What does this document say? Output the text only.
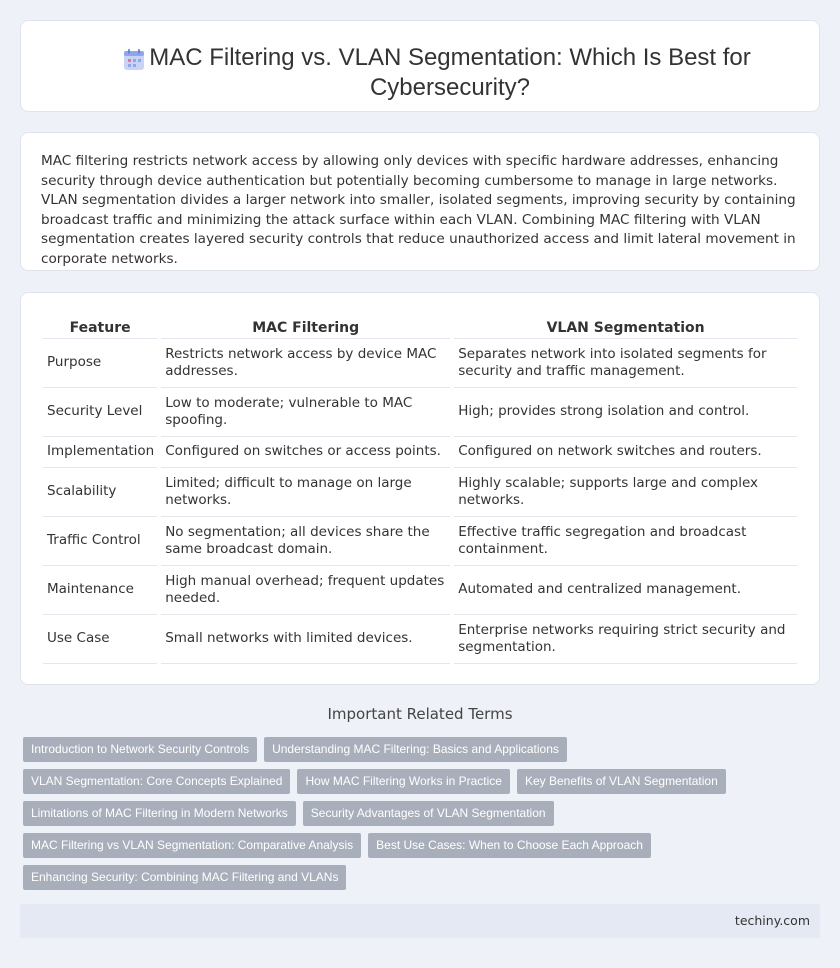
MAC Filtering vs. VLAN Segmentation: Which Is Best for Cybersecurity?

MAC filtering restricts network access by allowing only devices with specific hardware addresses, enhancing security through device authentication but potentially becoming cumbersome to manage in large networks. VLAN segmentation divides a larger network into smaller, isolated segments, improving security by containing broadcast traffic and minimizing the attack surface within each VLAN. Combining MAC filtering with VLAN segmentation creates layered security controls that reduce unauthorized access and limit lateral movement in corporate networks.

Feature	MAC Filtering	VLAN Segmentation
Purpose	Restricts network access by device MAC addresses.	Separates network into isolated segments for security and traffic management.
Security Level	Low to moderate; vulnerable to MAC spoofing.	High; provides strong isolation and control.
Implementation	Configured on switches or access points.	Configured on network switches and routers.
Scalability	Limited; difficult to manage on large networks.	Highly scalable; supports large and complex networks.
Traffic Control	No segmentation; all devices share the same broadcast domain.	Effective traffic segregation and broadcast containment.
Maintenance	High manual overhead; frequent updates needed.	Automated and centralized management.
Use Case	Small networks with limited devices.	Enterprise networks requiring strict security and segmentation.
Important Related Terms
Introduction to Network Security Controls	Understanding MAC Filtering: Basics and Applications
VLAN Segmentation: Core Concepts Explained	How MAC Filtering Works in Practice	Key Benefits of VLAN Segmentation
Limitations of MAC Filtering in Modern Networks	Security Advantages of VLAN Segmentation
MAC Filtering vs VLAN Segmentation: Comparative Analysis	Best Use Cases: When to Choose Each Approach
Enhancing Security: Combining MAC Filtering and VLANs
techiny.com
